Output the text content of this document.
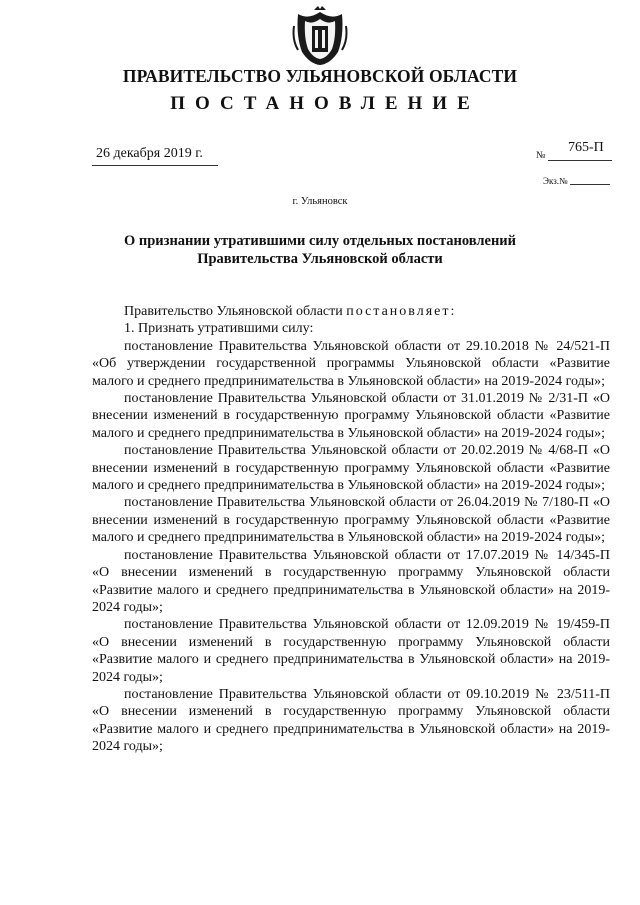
ПРАВИТЕЛЬСТВО УЛЬЯНОВСКОЙ ОБЛАСТИ
ПОСТАНОВЛЕНИЕ
26 декабря 2019 г.	№
765-П
Экз.№
г. Ульяновск
О признании утратившими силу отдельных постановлений
Правительства Ульяновской области

Правительство Ульяновской области постановляет:

1. Признать утратившими силу:

постановление Правительства Ульяновской области от 29.10.2018 № 24/521-П «Об утверждении государственной программы Ульяновской области «Развитие малого и среднего предпринимательства в Ульяновской области» на 2019-2024 годы»;

постановление Правительства Ульяновской области от 31.01.2019 № 2/31-П «О внесении изменений в государственную программу Ульяновской области «Развитие малого и среднего предпринимательства в Ульяновской области» на 2019-2024 годы»;

постановление Правительства Ульяновской области от 20.02.2019 № 4/68-П «О внесении изменений в государственную программу Ульяновской области «Развитие малого и среднего предпринимательства в Ульяновской области» на 2019-2024 годы»;

постановление Правительства Ульяновской области от 26.04.2019 № 7/180-П «О внесении изменений в государственную программу Ульяновской области «Развитие малого и среднего предпринимательства в Ульяновской области» на 2019-2024 годы»;

постановление Правительства Ульяновской области от 17.07.2019 № 14/345-П «О внесении изменений в государственную программу Ульяновской области «Развитие малого и среднего предпринимательства в Ульяновской области» на 2019-2024 годы»;

постановление Правительства Ульяновской области от 12.09.2019 № 19/459-П «О внесении изменений в государственную программу Ульяновской области «Развитие малого и среднего предпринимательства в Ульяновской области» на 2019-2024 годы»;

постановление Правительства Ульяновской области от 09.10.2019 № 23/511-П «О внесении изменений в государственную программу Ульяновской области «Развитие малого и среднего предпринимательства в Ульяновской области» на 2019-2024 годы»;
